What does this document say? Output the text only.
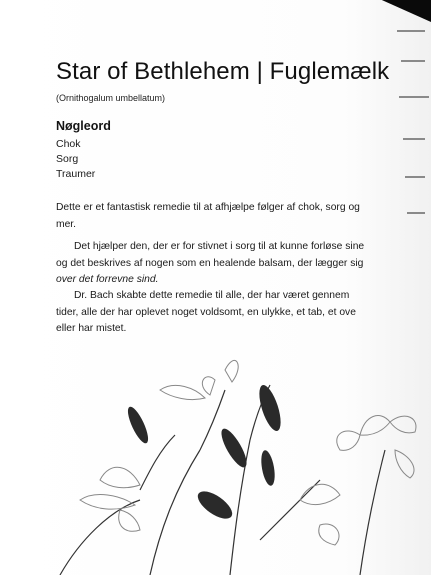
Star of Bethlehem | Fuglemælk
(Ornithogalum umbellatum)
Nøgleord
Chok
Sorg
Traumer
Dette er et fantastisk remedie til at afhjælpe følger af chok, sorg og
mer.
Det hjælper den, der er for stivnet i sorg til at kunne forløse sine
og det beskrives af nogen som en healende balsam, der lægger sig
over det forrevne sind.
Dr. Bach skabte dette remedie til alle, der har været gennem
tider, alle der har oplevet noget voldsomt, en ulykke, et tab, et ove
eller har mistet.
